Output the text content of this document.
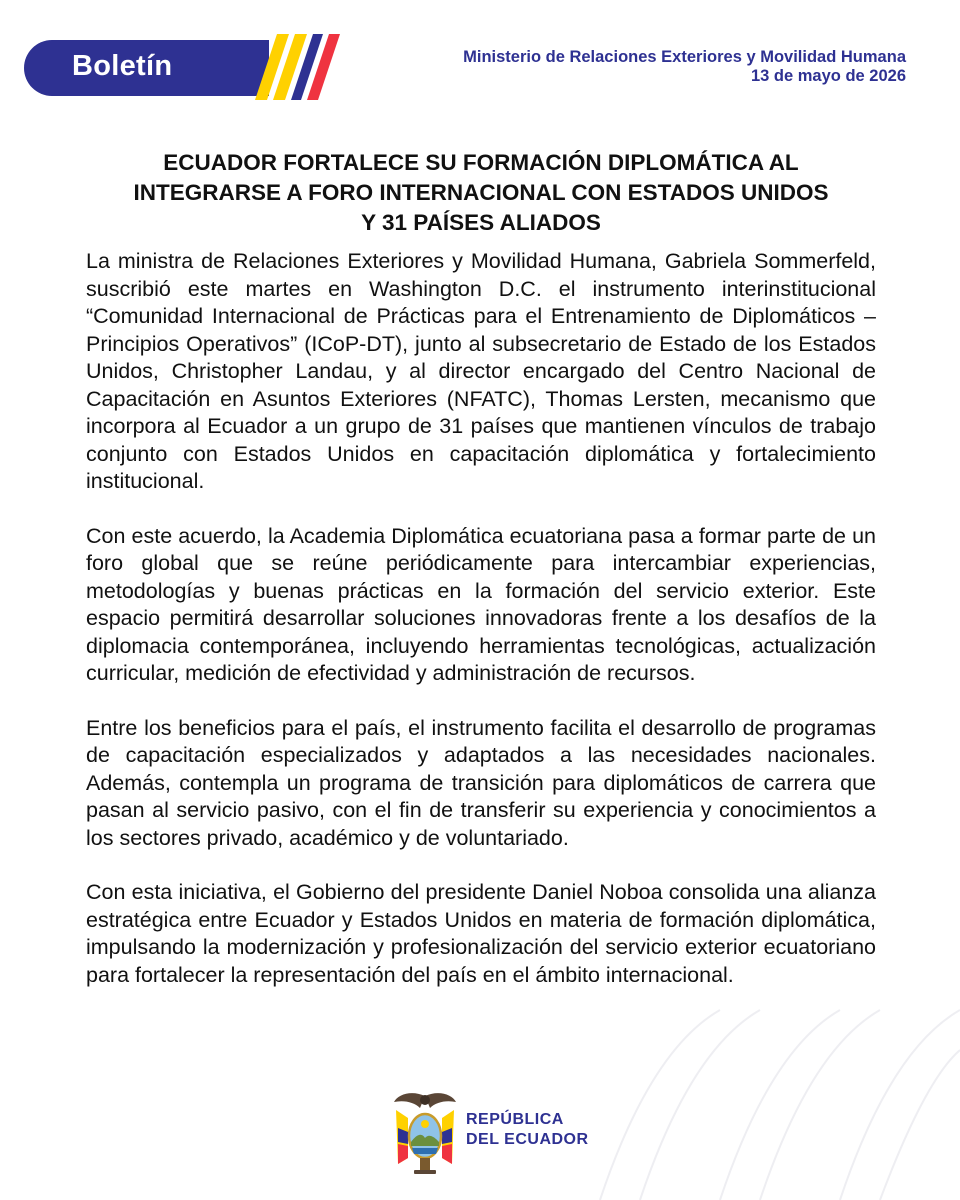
Boletín	Ministerio de Relaciones Exteriores y Movilidad Humana
13 de mayo de 2026
ECUADOR FORTALECE SU FORMACIÓN DIPLOMÁTICA AL
INTEGRARSE A FORO INTERNACIONAL CON ESTADOS UNIDOS
Y 31 PAÍSES ALIADOS

La ministra de Relaciones Exteriores y Movilidad Humana, Gabriela Sommerfeld, suscribió este martes en Washington D.C. el instrumento interinstitucional “Comunidad Internacional de Prácticas para el Entrenamiento de Diplomáticos – Principios Operativos” (ICoP-DT), junto al subsecretario de Estado de los Estados Unidos, Christopher Landau, y al director encargado del Centro Nacional de Capacitación en Asuntos Exteriores (NFATC), Thomas Lersten, mecanismo que incorpora al Ecuador a un grupo de 31 países que mantienen vínculos de trabajo conjunto con Estados Unidos en capacitación diplomática y fortalecimiento institucional.

Con este acuerdo, la Academia Diplomática ecuatoriana pasa a formar parte de un foro global que se reúne periódicamente para intercambiar experiencias, metodologías y buenas prácticas en la formación del servicio exterior. Este espacio permitirá desarrollar soluciones innovadoras frente a los desafíos de la diplomacia contemporánea, incluyendo herramientas tecnológicas, actualización curricular, medición de efectividad y administración de recursos.

Entre los beneficios para el país, el instrumento facilita el desarrollo de programas de capacitación especializados y adaptados a las necesidades nacionales. Además, contempla un programa de transición para diplomáticos de carrera que pasan al servicio pasivo, con el fin de transferir su experiencia y conocimientos a los sectores privado, académico y de voluntariado.

Con esta iniciativa, el Gobierno del presidente Daniel Noboa consolida una alianza estratégica entre Ecuador y Estados Unidos en materia de formación diplomática, impulsando la modernización y profesionalización del servicio exterior ecuatoriano para fortalecer la representación del país en el ámbito internacional.

REPÚBLICA
DEL ECUADOR
